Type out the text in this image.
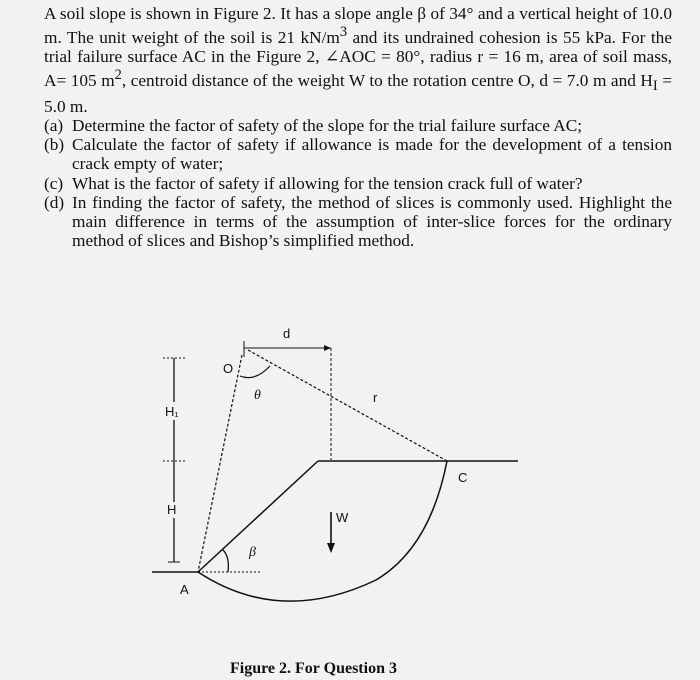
A soil slope is shown in Figure 2. It has a slope angle β of 34° and a vertical height of 10.0 m. The unit weight of the soil is 21 $kN/m^3$ and its undrained cohesion is 55 kPa. For the trial failure surface AC in the Figure 2, ∠AOC = 80°, radius r = 16 m, area of soil mass, A= 105 $m^2$, centroid distance of the weight W to the rotation centre O, d = 7.0 m and $H_I = 5.0$ m.

(a) Determine the factor of safety of the slope for the trial failure surface AC;
(b) Calculate the factor of safety if allowance is made for the development of a tension crack empty of water;
(c) What is the factor of safety if allowing for the tension crack full of water?
(d) In finding the factor of safety, the method of slices is commonly used. Highlight the main difference in terms of the assumption of inter-slice forces for the ordinary method of slices and Bishop’s simplified method.
O
θ
d
r
C
W
β
A
H₁
H
Figure 2. For Question 3
